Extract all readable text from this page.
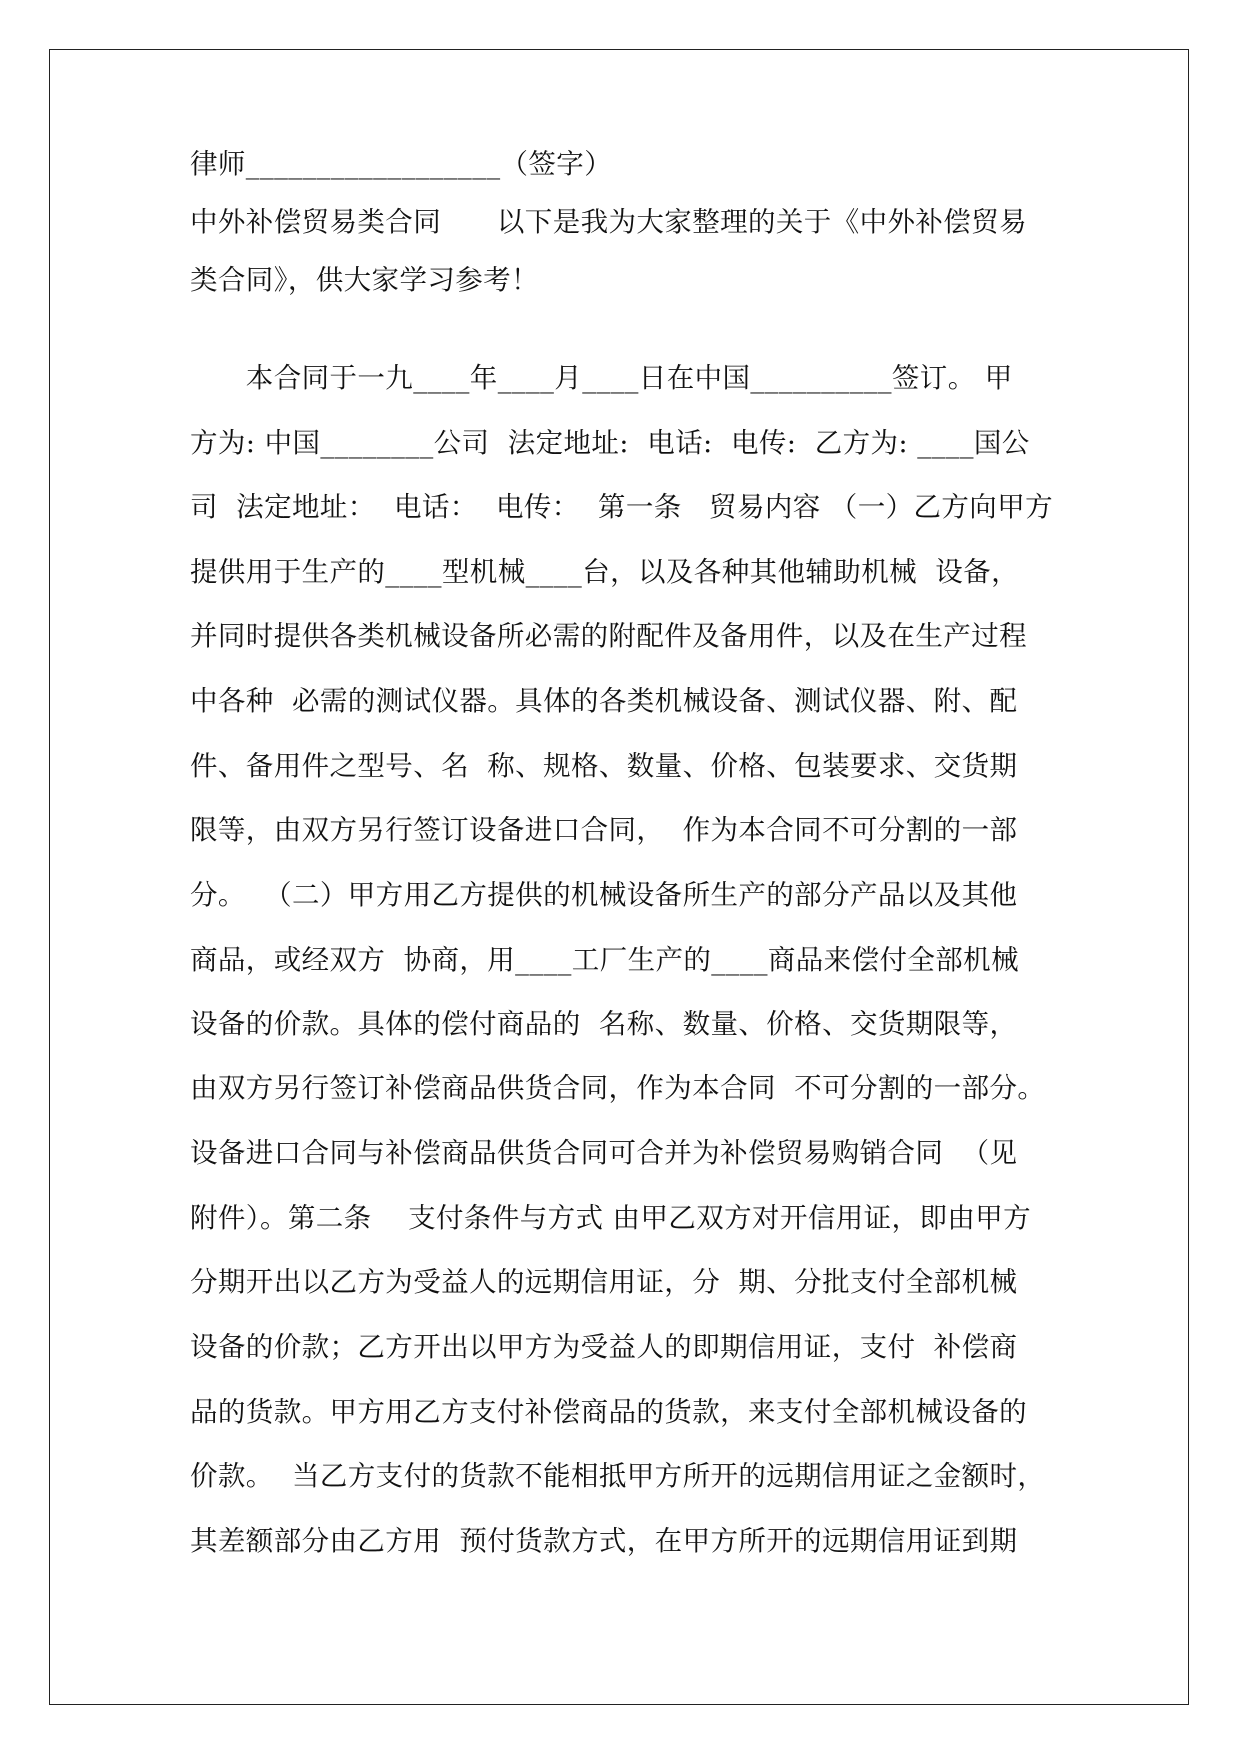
律师__________________（签字）
中外补偿贸易类合同　　以下是我为大家整理的关于《中外补偿贸易
类合同》，供大家学习参考！
　　本合同于一九____年____月____日在中国__________签订。 甲
方为: 中国________公司  法定地址:  电话:  电传:  乙方为: ____国公
司  法定地址：  电话：  电传：  第一条   贸易内容 （一）乙方向甲方
提供用于生产的____型机械____台，以及各种其他辅助机械  设备，
并同时提供各类机械设备所必需的附配件及备用件，以及在生产过程
中各种  必需的测试仪器。具体的各类机械设备、测试仪器、附、配
件、备用件之型号、名  称、规格、数量、价格、包装要求、交货期
限等，由双方另行签订设备进口合同，  作为本合同不可分割的一部
分。  （二）甲方用乙方提供的机械设备所生产的部分产品以及其他
商品，或经双方  协商，用____工厂生产的____商品来偿付全部机械
设备的价款。具体的偿付商品的  名称、数量、价格、交货期限等，
由双方另行签订补偿商品供货合同，作为本合同  不可分割的一部分。
设备进口合同与补偿商品供货合同可合并为补偿贸易购销合同  （见
附件）。第二条    支付条件与方式 由甲乙双方对开信用证，即由甲方
分期开出以乙方为受益人的远期信用证，分  期、分批支付全部机械
设备的价款；乙方开出以甲方为受益人的即期信用证，支付  补偿商
品的货款。甲方用乙方支付补偿商品的货款，来支付全部机械设备的
价款。  当乙方支付的货款不能相抵甲方所开的远期信用证之金额时，
其差额部分由乙方用  预付货款方式，在甲方所开的远期信用证到期
